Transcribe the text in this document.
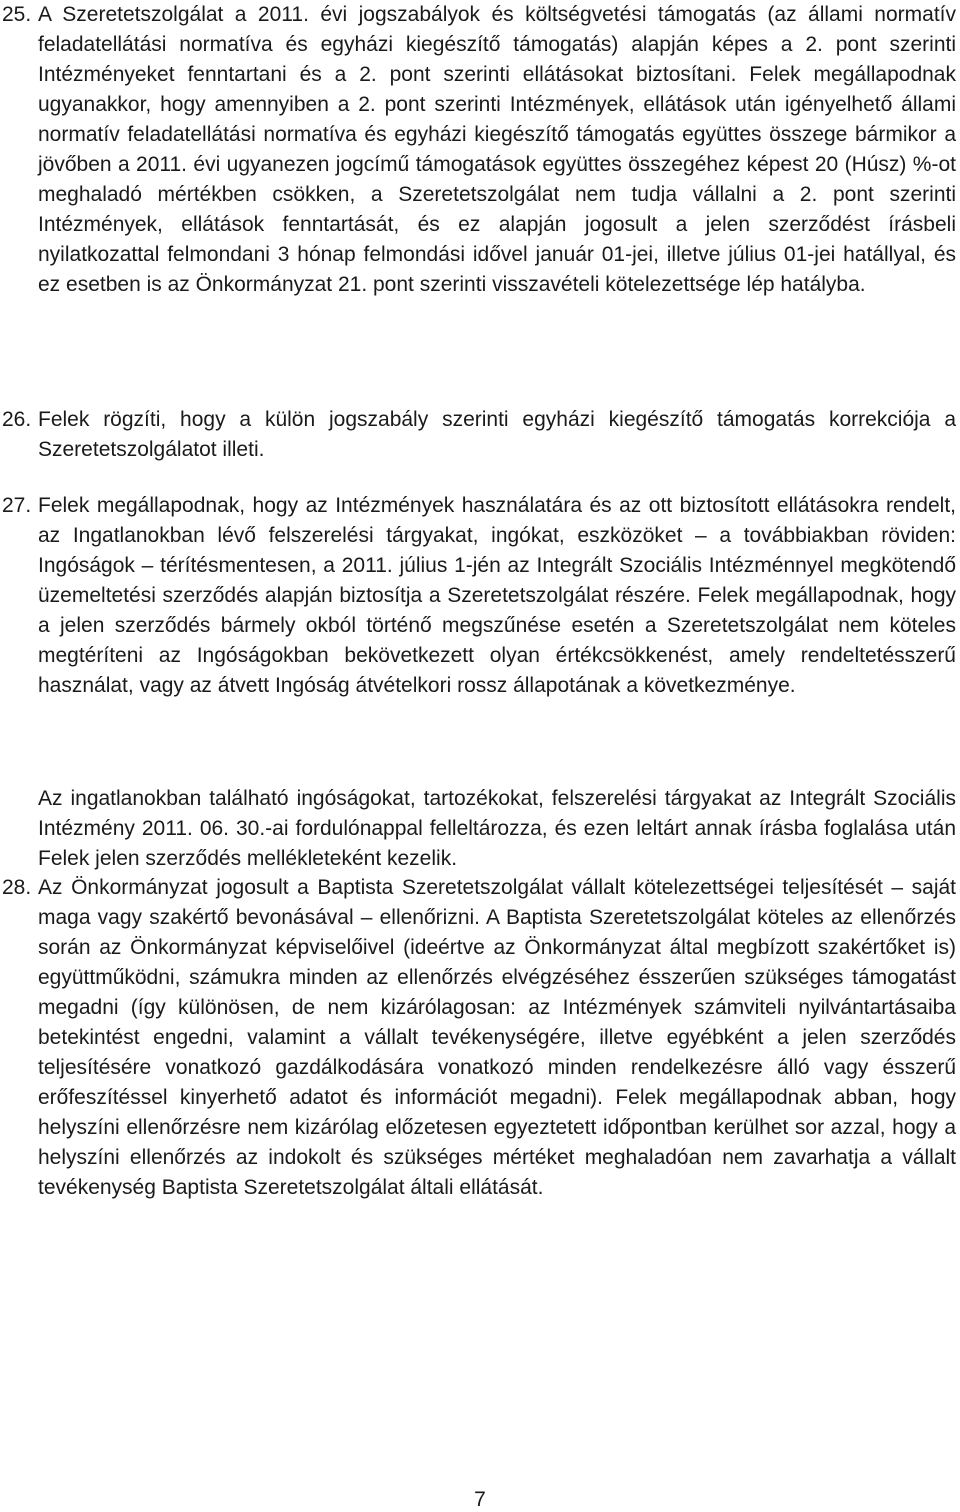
25. A Szeretetszolgálat a 2011. évi jogszabályok és költségvetési támogatás (az állami normatív feladatellátási normatíva és egyházi kiegészítő támogatás) alapján képes a 2. pont szerinti Intézményeket fenntartani és a 2. pont szerinti ellátásokat biztosítani. Felek megállapodnak ugyanakkor, hogy amennyiben a 2. pont szerinti Intézmények, ellátások után igényelhető állami normatív feladatellátási normatíva és egyházi kiegészítő támogatás együttes összege bármikor a jövőben a 2011. évi ugyanezen jogcímű támogatások együttes összegéhez képest 20 (Húsz) %-ot meghaladó mértékben csökken, a Szeretetszolgálat nem tudja vállalni a 2. pont szerinti Intézmények, ellátások fenntartását, és ez alapján jogosult a jelen szerződést írásbeli nyilatkozattal felmondani 3 hónap felmondási idővel január 01-jei, illetve július 01-jei hatállyal, és ez esetben is az Önkormányzat 21. pont szerinti visszavételi kötelezettsége lép hatályba.
26. Felek rögzíti, hogy a külön jogszabály szerinti egyházi kiegészítő támogatás korrekciója a Szeretetszolgálatot illeti.
27. Felek megállapodnak, hogy az Intézmények használatára és az ott biztosított ellátásokra rendelt, az Ingatlanokban lévő felszerelési tárgyakat, ingókat, eszközöket – a továbbiakban röviden: Ingóságok – térítésmentesen, a 2011. július 1-jén az Integrált Szociális Intézménnyel megkötendő üzemeltetési szerződés alapján biztosítja a Szeretetszolgálat részére. Felek megállapodnak, hogy a jelen szerződés bármely okból történő megszűnése esetén a Szeretetszolgálat nem köteles megtéríteni az Ingóságokban bekövetkezett olyan értékcsökkenést, amely rendeltetésszerű használat, vagy az átvett Ingóság átvételkori rossz állapotának a következménye.
Az ingatlanokban található ingóságokat, tartozékokat, felszerelési tárgyakat az Integrált Szociális Intézmény 2011. 06. 30.-ai fordulónappal felleltározza, és ezen leltárt annak írásba foglalása után Felek jelen szerződés mellékleteként kezelik.
28. Az Önkormányzat jogosult a Baptista Szeretetszolgálat vállalt kötelezettségei teljesítését – saját maga vagy szakértő bevonásával – ellenőrizni. A Baptista Szeretetszolgálat köteles az ellenőrzés során az Önkormányzat képviselőivel (ideértve az Önkormányzat által megbízott szakértőket is) együttműködni, számukra minden az ellenőrzés elvégzéséhez ésszerűen szükséges támogatást megadni (így különösen, de nem kizárólagosan: az Intézmények számviteli nyilvántartásaiba betekintést engedni, valamint a vállalt tevékenységére, illetve egyébként a jelen szerződés teljesítésére vonatkozó gazdálkodására vonatkozó minden rendelkezésre álló vagy ésszerű erőfeszítéssel kinyerhető adatot és információt megadni). Felek megállapodnak abban, hogy helyszíni ellenőrzésre nem kizárólag előzetesen egyeztetett időpontban kerülhet sor azzal, hogy a helyszíni ellenőrzés az indokolt és szükséges mértéket meghaladóan nem zavarhatja a vállalt tevékenység Baptista Szeretetszolgálat általi ellátását.
7
